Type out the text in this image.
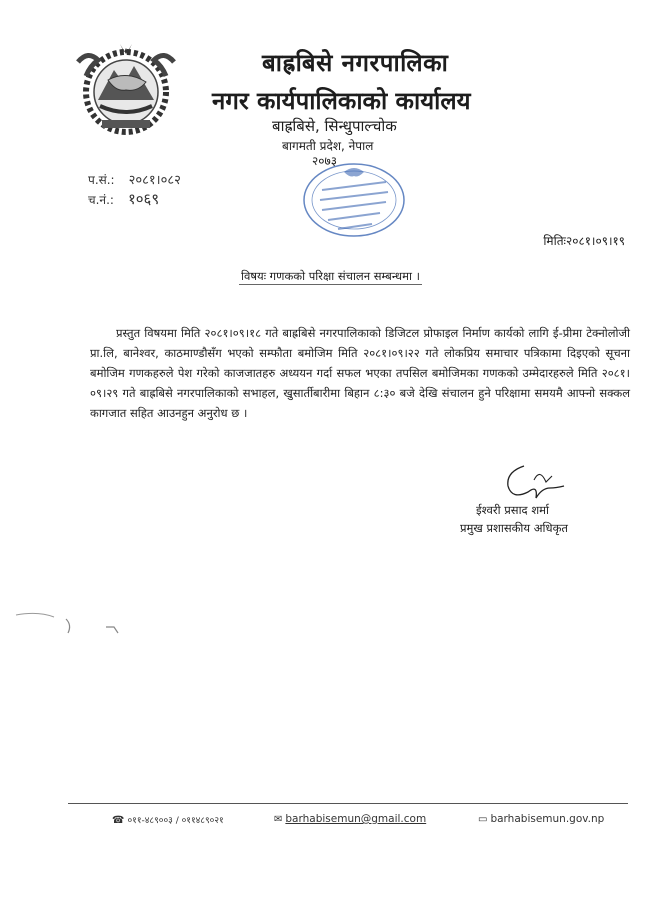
बाह्रबिसे नगरपालिका
नगर कार्यपालिकाको कार्यालय
बाह्रबिसे, सिन्धुपाल्चोक
बागमती प्रदेश, नेपाल
२०७३
प.सं.: २०८१।०८२
च.नं.: १०६९
मितिः२०८१।०९।१९
विषयः गणकको परिक्षा संचालन सम्बन्धमा ।
प्रस्तुत विषयमा मिति २०८१।०९।१८ गते बाह्रबिसे नगरपालिकाको डिजिटल प्रोफाइल निर्माण कार्यको लागि ई-प्रीमा टेक्नोलोजी प्रा.लि, बानेश्वर, काठमाण्डौसँग भएको सम्फौता बमोजिम मिति २०८१।०९।२२ गते लोकप्रिय समाचार पत्रिकामा दिइएको सूचना बमोजिम गणकहरुले पेश गरेको काजजातहरु अध्ययन गर्दा सफल भएका तपसिल बमोजिमका गणकको उम्मेदारहरुले मिति २०८१।०९।२९ गते बाह्रबिसे नगरपालिकाको सभाहल, खुसार्तीबारीमा बिहान ८:३० बजे देखि संचालन हुने परिक्षामा समयमै आफ्नो सक्कल कागजात सहित आउनहुन अनुरोध छ ।
ईश्वरी प्रसाद शर्मा
प्रमुख प्रशासकीय अधिकृत
☎ ०११-४८९००३ / ०११४८९०२१	✉ barhabisemun@gmail.com	▭ barhabisemun.gov.np
